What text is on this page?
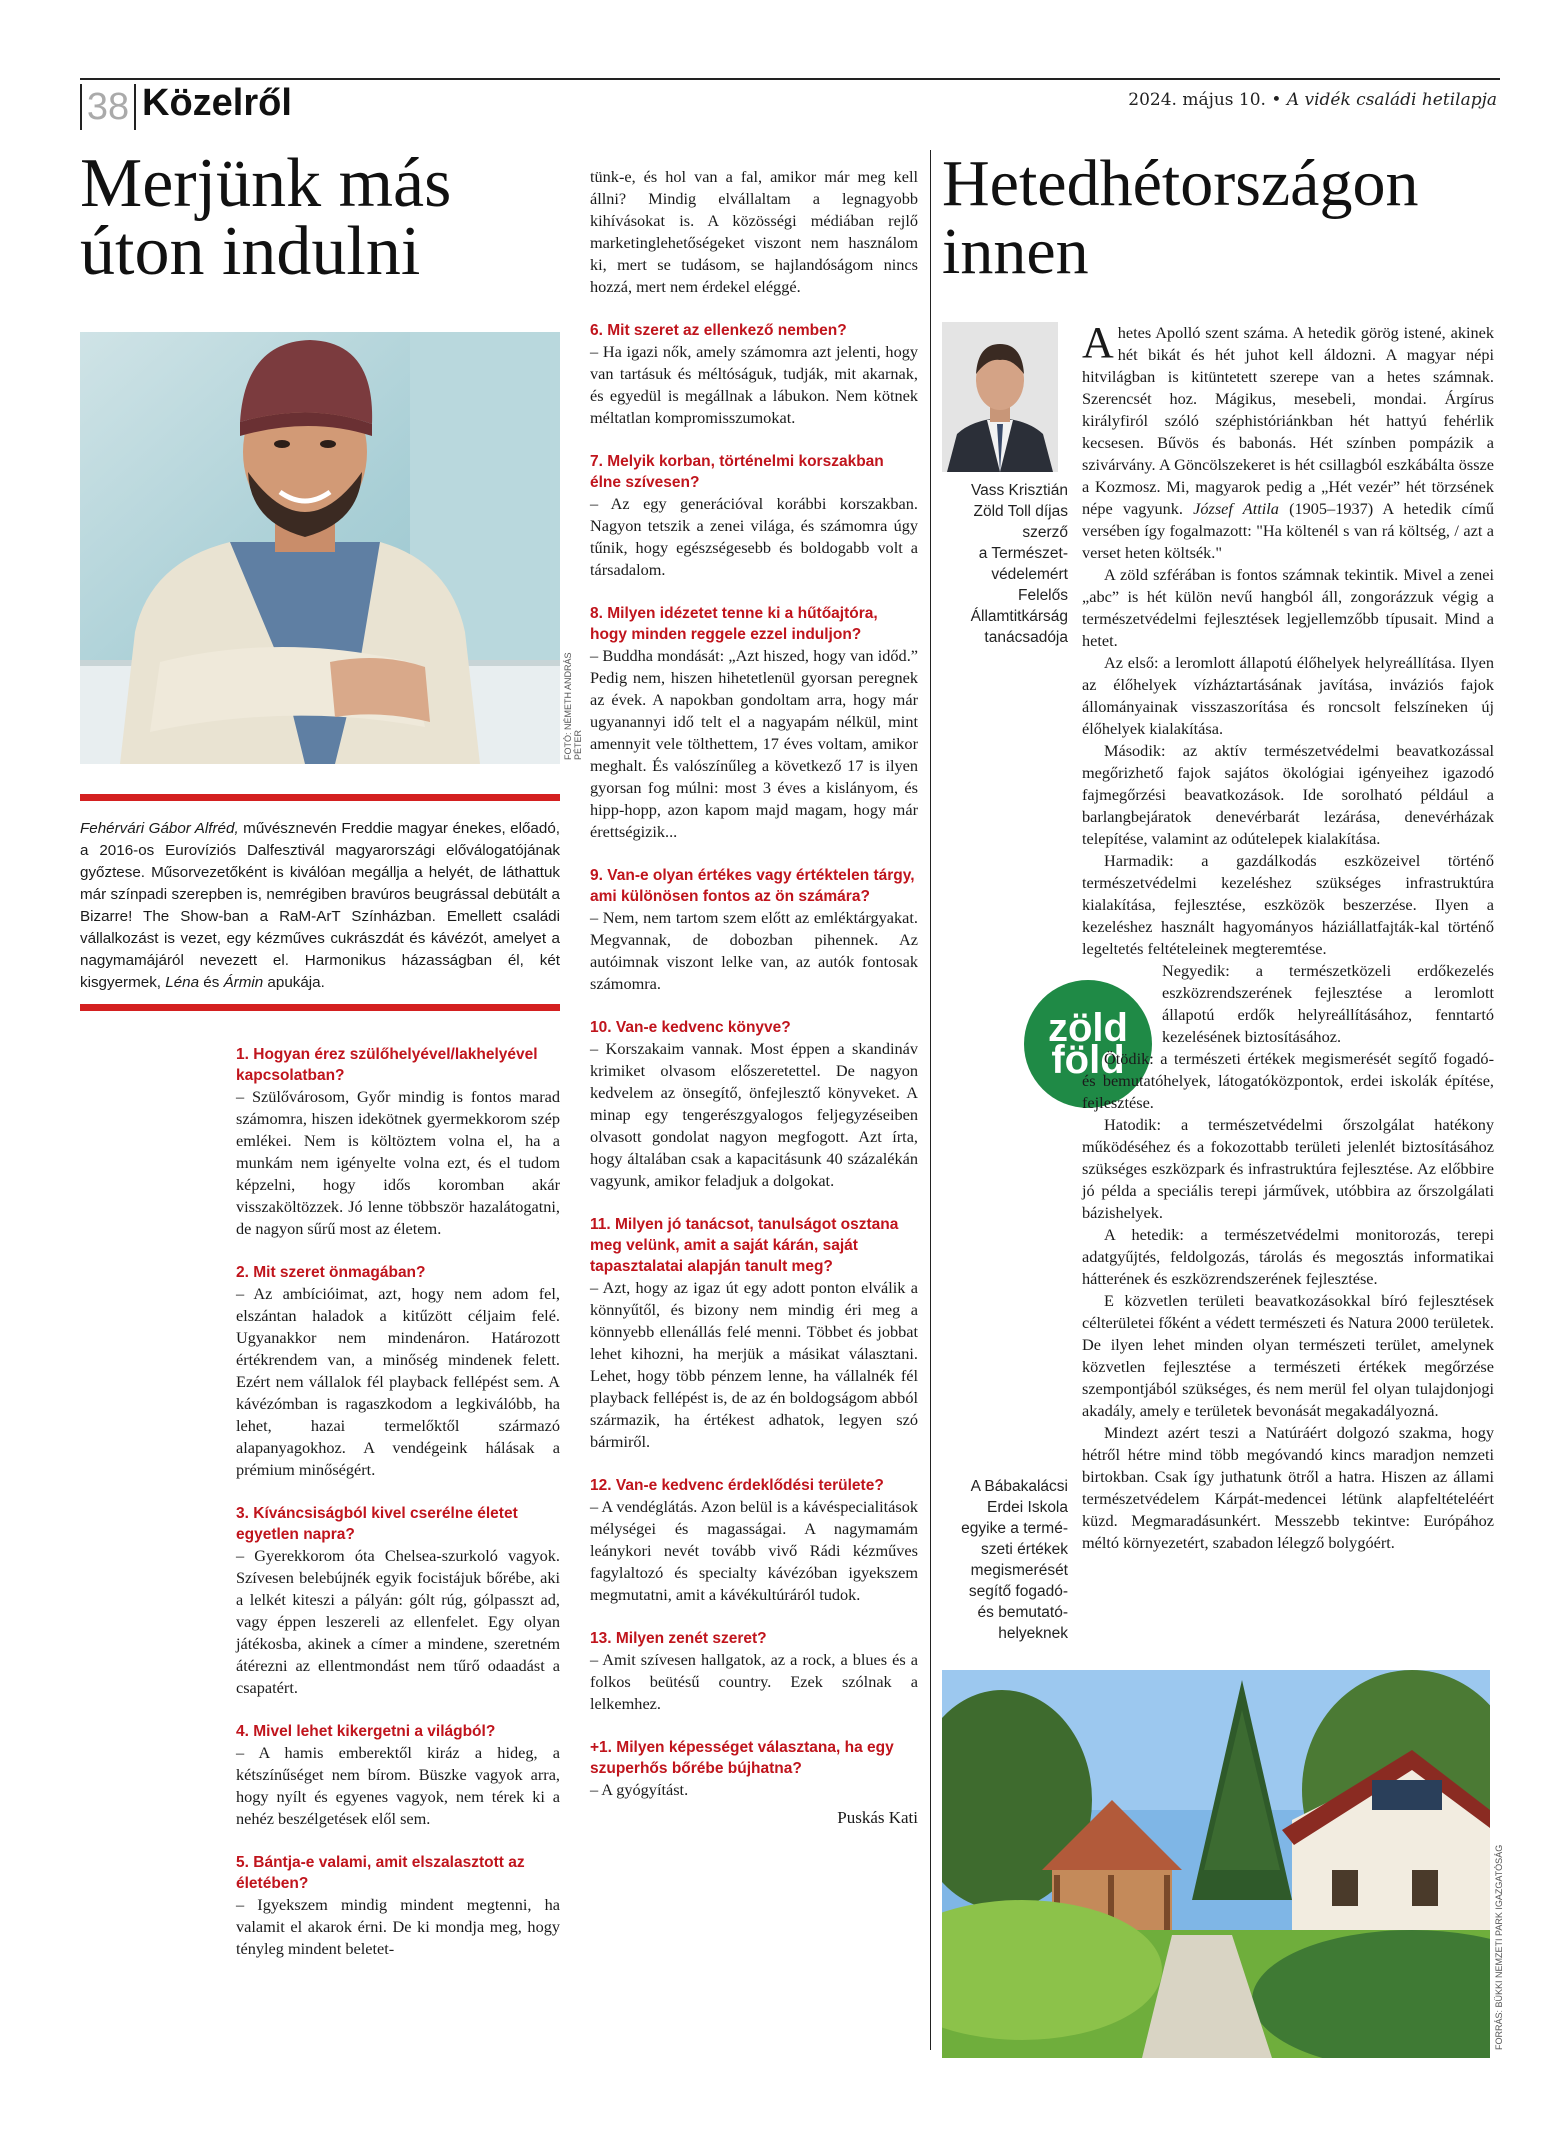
38 Közelről	2024. május 10. • A vidék családi hetilapja
Merjünk más
úton indulni
FOTÓ: NÉMETH ANDRÁS PÉTER
Fehérvári Gábor Alfréd, művésznevén Freddie magyar énekes, előadó, a 2016-os Eurovíziós Dalfesztivál magyarországi előválogatójának győztese. Műsorvezetőként is kiválóan megállja a helyét, de láthattuk már színpadi szerepben is, nemrégiben bravúros beugrással debütált a Bizarre! The Show-ban a RaM-ArT Színházban. Emellett családi vállalkozást is vezet, egy kézműves cukrászdát és kávézót, amelyet a nagymamájáról nevezett el. Harmonikus házasságban él, két kisgyermek, Léna és Ármin apukája.

1. Hogyan érez szülőhelyével/lakhelyével kapcsolatban?

– Szülővárosom, Győr mindig is fontos marad számomra, hiszen idekötnek gyermekkorom szép emlékei. Nem is költöztem volna el, ha a munkám nem igényelte volna ezt, és el tudom képzelni, hogy idős koromban akár visszaköltözzek. Jó lenne többször hazalátogatni, de nagyon sűrű most az életem.

2. Mit szeret önmagában?

– Az ambícióimat, azt, hogy nem adom fel, elszántan haladok a kitűzött céljaim felé. Ugyanakkor nem mindenáron. Határozott értékrendem van, a minőség mindenek felett. Ezért nem vállalok fél playback fellépést sem. A kávézómban is ragaszkodom a legkiválóbb, ha lehet, hazai termelőktől származó alapanyagokhoz. A vendégeink hálásak a prémium minőségért.

3. Kíváncsiságból kivel cserélne életet egyetlen napra?

– Gyerekkorom óta Chelsea-szurkoló vagyok. Szívesen belebújnék egyik focistájuk bőrébe, aki a lelkét kiteszi a pályán: gólt rúg, gólpasszt ad, vagy éppen leszereli az ellenfelet. Egy olyan játékosba, akinek a címer a mindene, szeretném átérezni az ellentmondást nem tűrő odaadást a csapatért.

4. Mivel lehet kikergetni a világból?

– A hamis emberektől kiráz a hideg, a kétszínűséget nem bírom. Büszke vagyok arra, hogy nyílt és egyenes vagyok, nem térek ki a nehéz beszélgetések elől sem.

5. Bántja-e valami, amit elszalasztott az életében?

– Igyekszem mindig mindent megtenni, ha valamit el akarok érni. De ki mondja meg, hogy tényleg mindent beletet-

tünk-e, és hol van a fal, amikor már meg kell állni? Mindig elvállaltam a legnagyobb kihívásokat is. A közösségi médiában rejlő marketinglehetőségeket viszont nem használom ki, mert se tudásom, se hajlandóságom nincs hozzá, mert nem érdekel eléggé.

6. Mit szeret az ellenkező nemben?

– Ha igazi nők, amely számomra azt jelenti, hogy van tartásuk és méltóságuk, tudják, mit akarnak, és egyedül is megállnak a lábukon. Nem kötnek méltatlan kompromisszumokat.

7. Melyik korban, történelmi korszakban élne szívesen?

– Az egy generációval korábbi korszakban. Nagyon tetszik a zenei világa, és számomra úgy tűnik, hogy egészségesebb és boldogabb volt a társadalom.

8. Milyen idézetet tenne ki a hűtőajtóra, hogy minden reggele ezzel induljon?

– Buddha mondását: „Azt hiszed, hogy van időd.” Pedig nem, hiszen hihetetlenül gyorsan peregnek az évek. A napokban gondoltam arra, hogy már ugyanannyi idő telt el a nagyapám nélkül, mint amennyit vele tölthettem, 17 éves voltam, amikor meghalt. És valószínűleg a következő 17 is ilyen gyorsan fog múlni: most 3 éves a kislányom, és hipp-hopp, azon kapom majd magam, hogy már érettségizik...

9. Van-e olyan értékes vagy értéktelen tárgy, ami különösen fontos az ön számára?

– Nem, nem tartom szem előtt az emléktárgyakat. Megvannak, de dobozban pihennek. Az autóimnak viszont lelke van, az autók fontosak számomra.

10. Van-e kedvenc könyve?

– Korszakaim vannak. Most éppen a skandináv krimiket olvasom előszeretettel. De nagyon kedvelem az önsegítő, önfejlesztő könyveket. A minap egy tengerészgyalogos feljegyzéseiben olvasott gondolat nagyon megfogott. Azt írta, hogy általában csak a kapacitásunk 40 százalékán vagyunk, amikor feladjuk a dolgokat.

11. Milyen jó tanácsot, tanulságot osztana meg velünk, amit a saját kárán, saját tapasztalatai alapján tanult meg?

– Azt, hogy az igaz út egy adott ponton elválik a könnyűtől, és bizony nem mindig éri meg a könnyebb ellenállás felé menni. Többet és jobbat lehet kihozni, ha merjük a másikat választani. Lehet, hogy több pénzem lenne, ha vállalnék fél playback fellépést is, de az én boldogságom abból származik, ha értékest adhatok, legyen szó bármiről.

12. Van-e kedvenc érdeklődési területe?

– A vendéglátás. Azon belül is a kávéspecialitások mélységei és magasságai. A nagymamám leánykori nevét tovább vivő Rádi kézműves fagylaltozó és specialty kávézóban igyekszem megmutatni, amit a kávékultúráról tudok.

13. Milyen zenét szeret?

– Amit szívesen hallgatok, az a rock, a blues és a folkos beütésű country. Ezek szólnak a lelkemhez.

+1. Milyen képességet választana, ha egy szuperhős bőrébe bújhatna?

– A gyógyítást.

Puskás Kati
Hetedhétországon
innen
Vass Krisztián
Zöld Toll díjas
szerző
a Természet-
védelemért
Felelős
Államtitkárság
tanácsadója
zöld
föld
A Bábakalácsi
Erdei Iskola
egyike a termé-
szeti értékek
megismerését
segítő fogadó-
és bemutató-
helyeknek

A hetes Apolló szent száma. A hetedik görög istené, akinek hét bikát és hét juhot kell áldozni. A magyar népi hitvilágban is kitüntetett szerepe van a hetes számnak. Szerencsét hoz. Mágikus, mesebeli, mondai. Árgírus királyfiról szóló széphistóriánkban hét hattyú fehérlik kecsesen. Bűvös és babonás. Hét színben pompázik a szivárvány. A Göncölszekeret is hét csillagból eszkábálta össze a Kozmosz. Mi, magyarok pedig a „Hét vezér” hét törzsének népe vagyunk. József Attila (1905–1937) A hetedik című versében így fogalmazott: "Ha költenél s van rá költség, / azt a verset heten költsék."

A zöld szférában is fontos számnak tekintik. Mivel a zenei „abc” is hét külön nevű hangból áll, zongorázzuk végig a természetvédelmi fejlesztések legjellemzőbb típusait. Mind a hetet.

Az első: a leromlott állapotú élőhelyek helyreállítása. Ilyen az élőhelyek vízháztartásának javítása, inváziós fajok állományainak visszaszorítása és roncsolt felszíneken új élőhelyek kialakítása.

Második: az aktív természetvédelmi beavatkozással megőrizhető fajok sajátos ökológiai igényeihez igazodó fajmegőrzési beavatkozások. Ide sorolható például a barlangbejáratok denevérbarát lezárása, denevérházak telepítése, valamint az odútelepek kialakítása.

Harmadik: a gazdálkodás eszközeivel történő természetvédelmi kezeléshez szükséges infrastruktúra kialakítása, fejlesztése, eszközök beszerzése. Ilyen a kezeléshez használt hagyományos háziállatfajták-kal történő legeltetés feltételeinek megteremtése.

Negyedik: a természetközeli erdőkezelés eszközrendszerének fejlesztése a leromlott állapotú erdők helyreállításához, fenntartó kezelésének biztosításához.

Ötödik: a természeti értékek megismerését segítő fogadó- és bemutatóhelyek, látogatóközpontok, erdei iskolák építése, fejlesztése.

Hatodik: a természetvédelmi őrszolgálat hatékony működéséhez és a fokozottabb területi jelenlét biztosításához szükséges eszközpark és infrastruktúra fejlesztése. Az előbbire jó példa a speciális terepi járművek, utóbbira az őrszolgálati bázishelyek.

A hetedik: a természetvédelmi monitorozás, terepi adatgyűjtés, feldolgozás, tárolás és megosztás informatikai hátterének és eszközrendszerének fejlesztése.

E közvetlen területi beavatkozásokkal bíró fejlesztések célterületei főként a védett természeti és Natura 2000 területek. De ilyen lehet minden olyan természeti terület, amelynek közvetlen fejlesztése a természeti értékek megőrzése szempontjából szükséges, és nem merül fel olyan tulajdonjogi akadály, amely e területek bevonását megakadályozná.

Mindezt azért teszi a Natúráért dolgozó szakma, hogy hétről hétre mind több megóvandó kincs maradjon nemzeti birtokban. Csak így juthatunk ötről a hatra. Hiszen az állami természetvédelem Kárpát-medencei létünk alapfeltételéért küzd. Megmaradásunkért. Messzebb tekintve: Európához méltó környezetért, szabadon lélegző bolygóért.

FORRÁS: BÜKKI NEMZETI PARK IGAZGATÓSÁG
